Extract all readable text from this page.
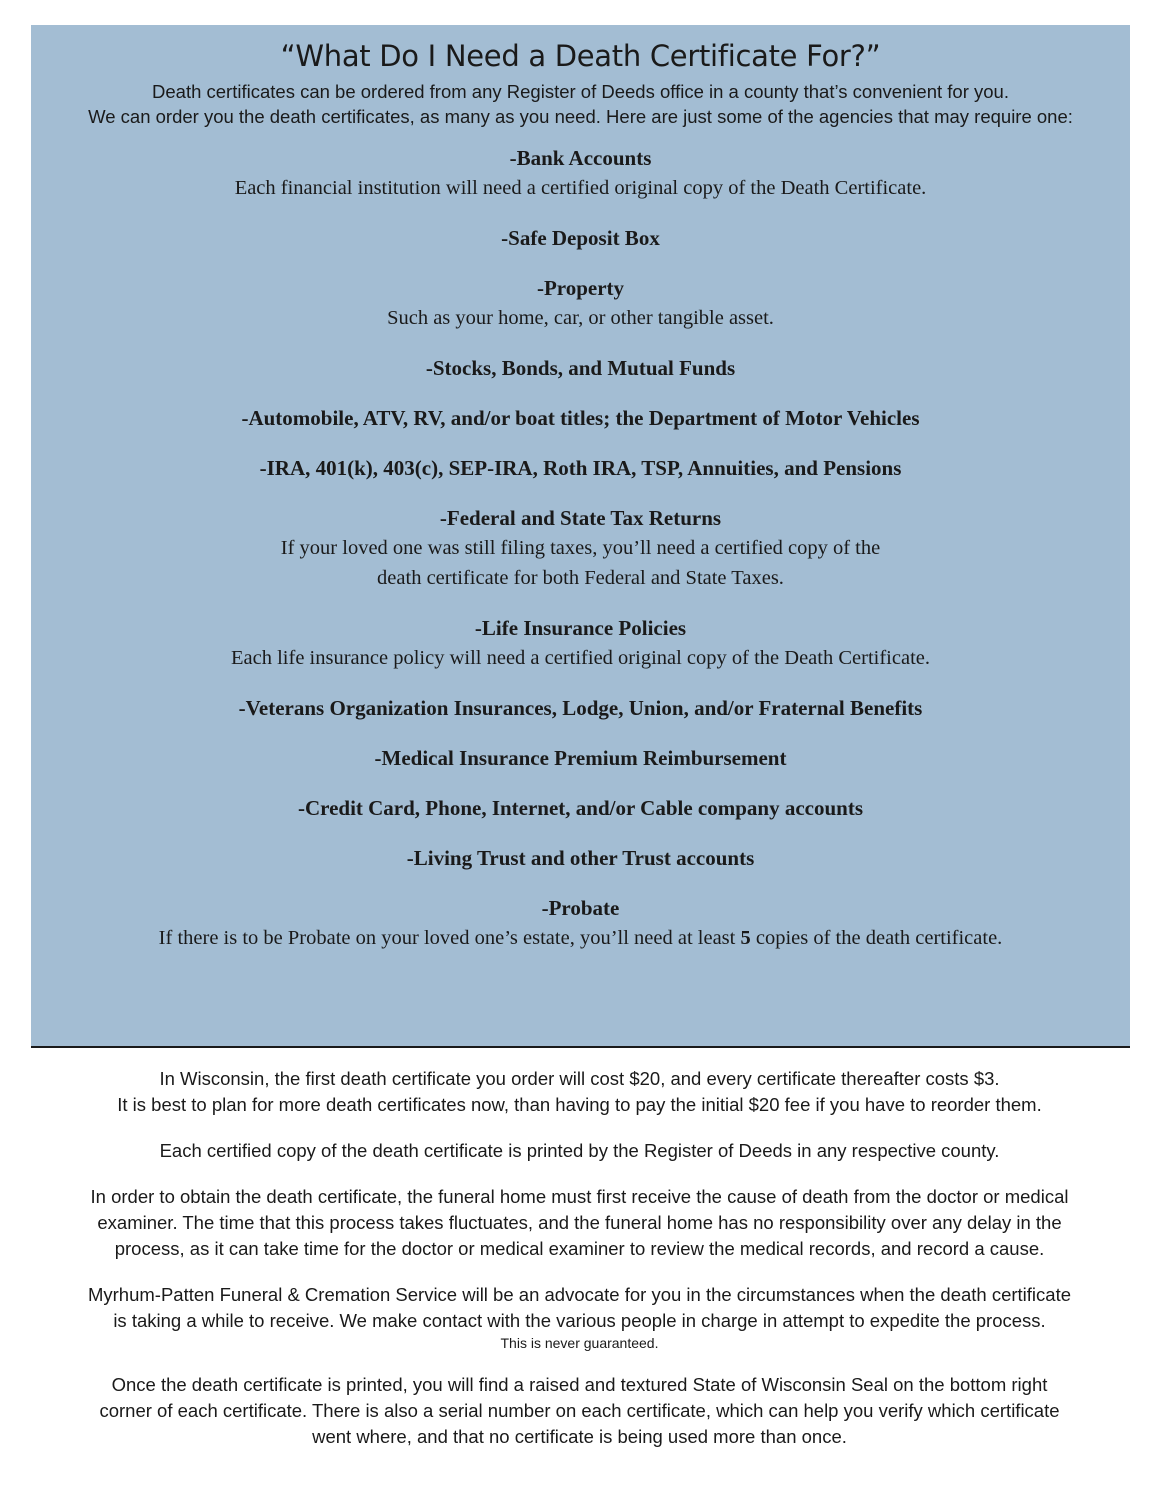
“What Do I Need a Death Certificate For?”
Death certificates can be ordered from any Register of Deeds office in a county that’s convenient for you.
We can order you the death certificates, as many as you need. Here are just some of the agencies that may require one:
-Bank Accounts
Each financial institution will need a certified original copy of the Death Certificate.
-Safe Deposit Box
-Property
Such as your home, car, or other tangible asset.
-Stocks, Bonds, and Mutual Funds
-Automobile, ATV, RV, and/or boat titles; the Department of Motor Vehicles
-IRA, 401(k), 403(c), SEP-IRA, Roth IRA, TSP, Annuities, and Pensions
-Federal and State Tax Returns
If your loved one was still filing taxes, you’ll need a certified copy of the
death certificate for both Federal and State Taxes.
-Life Insurance Policies
Each life insurance policy will need a certified original copy of the Death Certificate.
-Veterans Organization Insurances, Lodge, Union, and/or Fraternal Benefits
-Medical Insurance Premium Reimbursement
-Credit Card, Phone, Internet, and/or Cable company accounts
-Living Trust and other Trust accounts
-Probate
If there is to be Probate on your loved one’s estate, you’ll need at least 5 copies of the death certificate.

In Wisconsin, the first death certificate you order will cost $20, and every certificate thereafter costs $3.
It is best to plan for more death certificates now, than having to pay the initial $20 fee if you have to reorder them.

Each certified copy of the death certificate is printed by the Register of Deeds in any respective county.

In order to obtain the death certificate, the funeral home must first receive the cause of death from the doctor or medical
examiner. The time that this process takes fluctuates, and the funeral home has no responsibility over any delay in the
process, as it can take time for the doctor or medical examiner to review the medical records, and record a cause.

Myrhum-Patten Funeral & Cremation Service will be an advocate for you in the circumstances when the death certificate
is taking a while to receive. We make contact with the various people in charge in attempt to expedite the process.
This is never guaranteed.

Once the death certificate is printed, you will find a raised and textured State of Wisconsin Seal on the bottom right
corner of each certificate. There is also a serial number on each certificate, which can help you verify which certificate
went where, and that no certificate is being used more than once.
